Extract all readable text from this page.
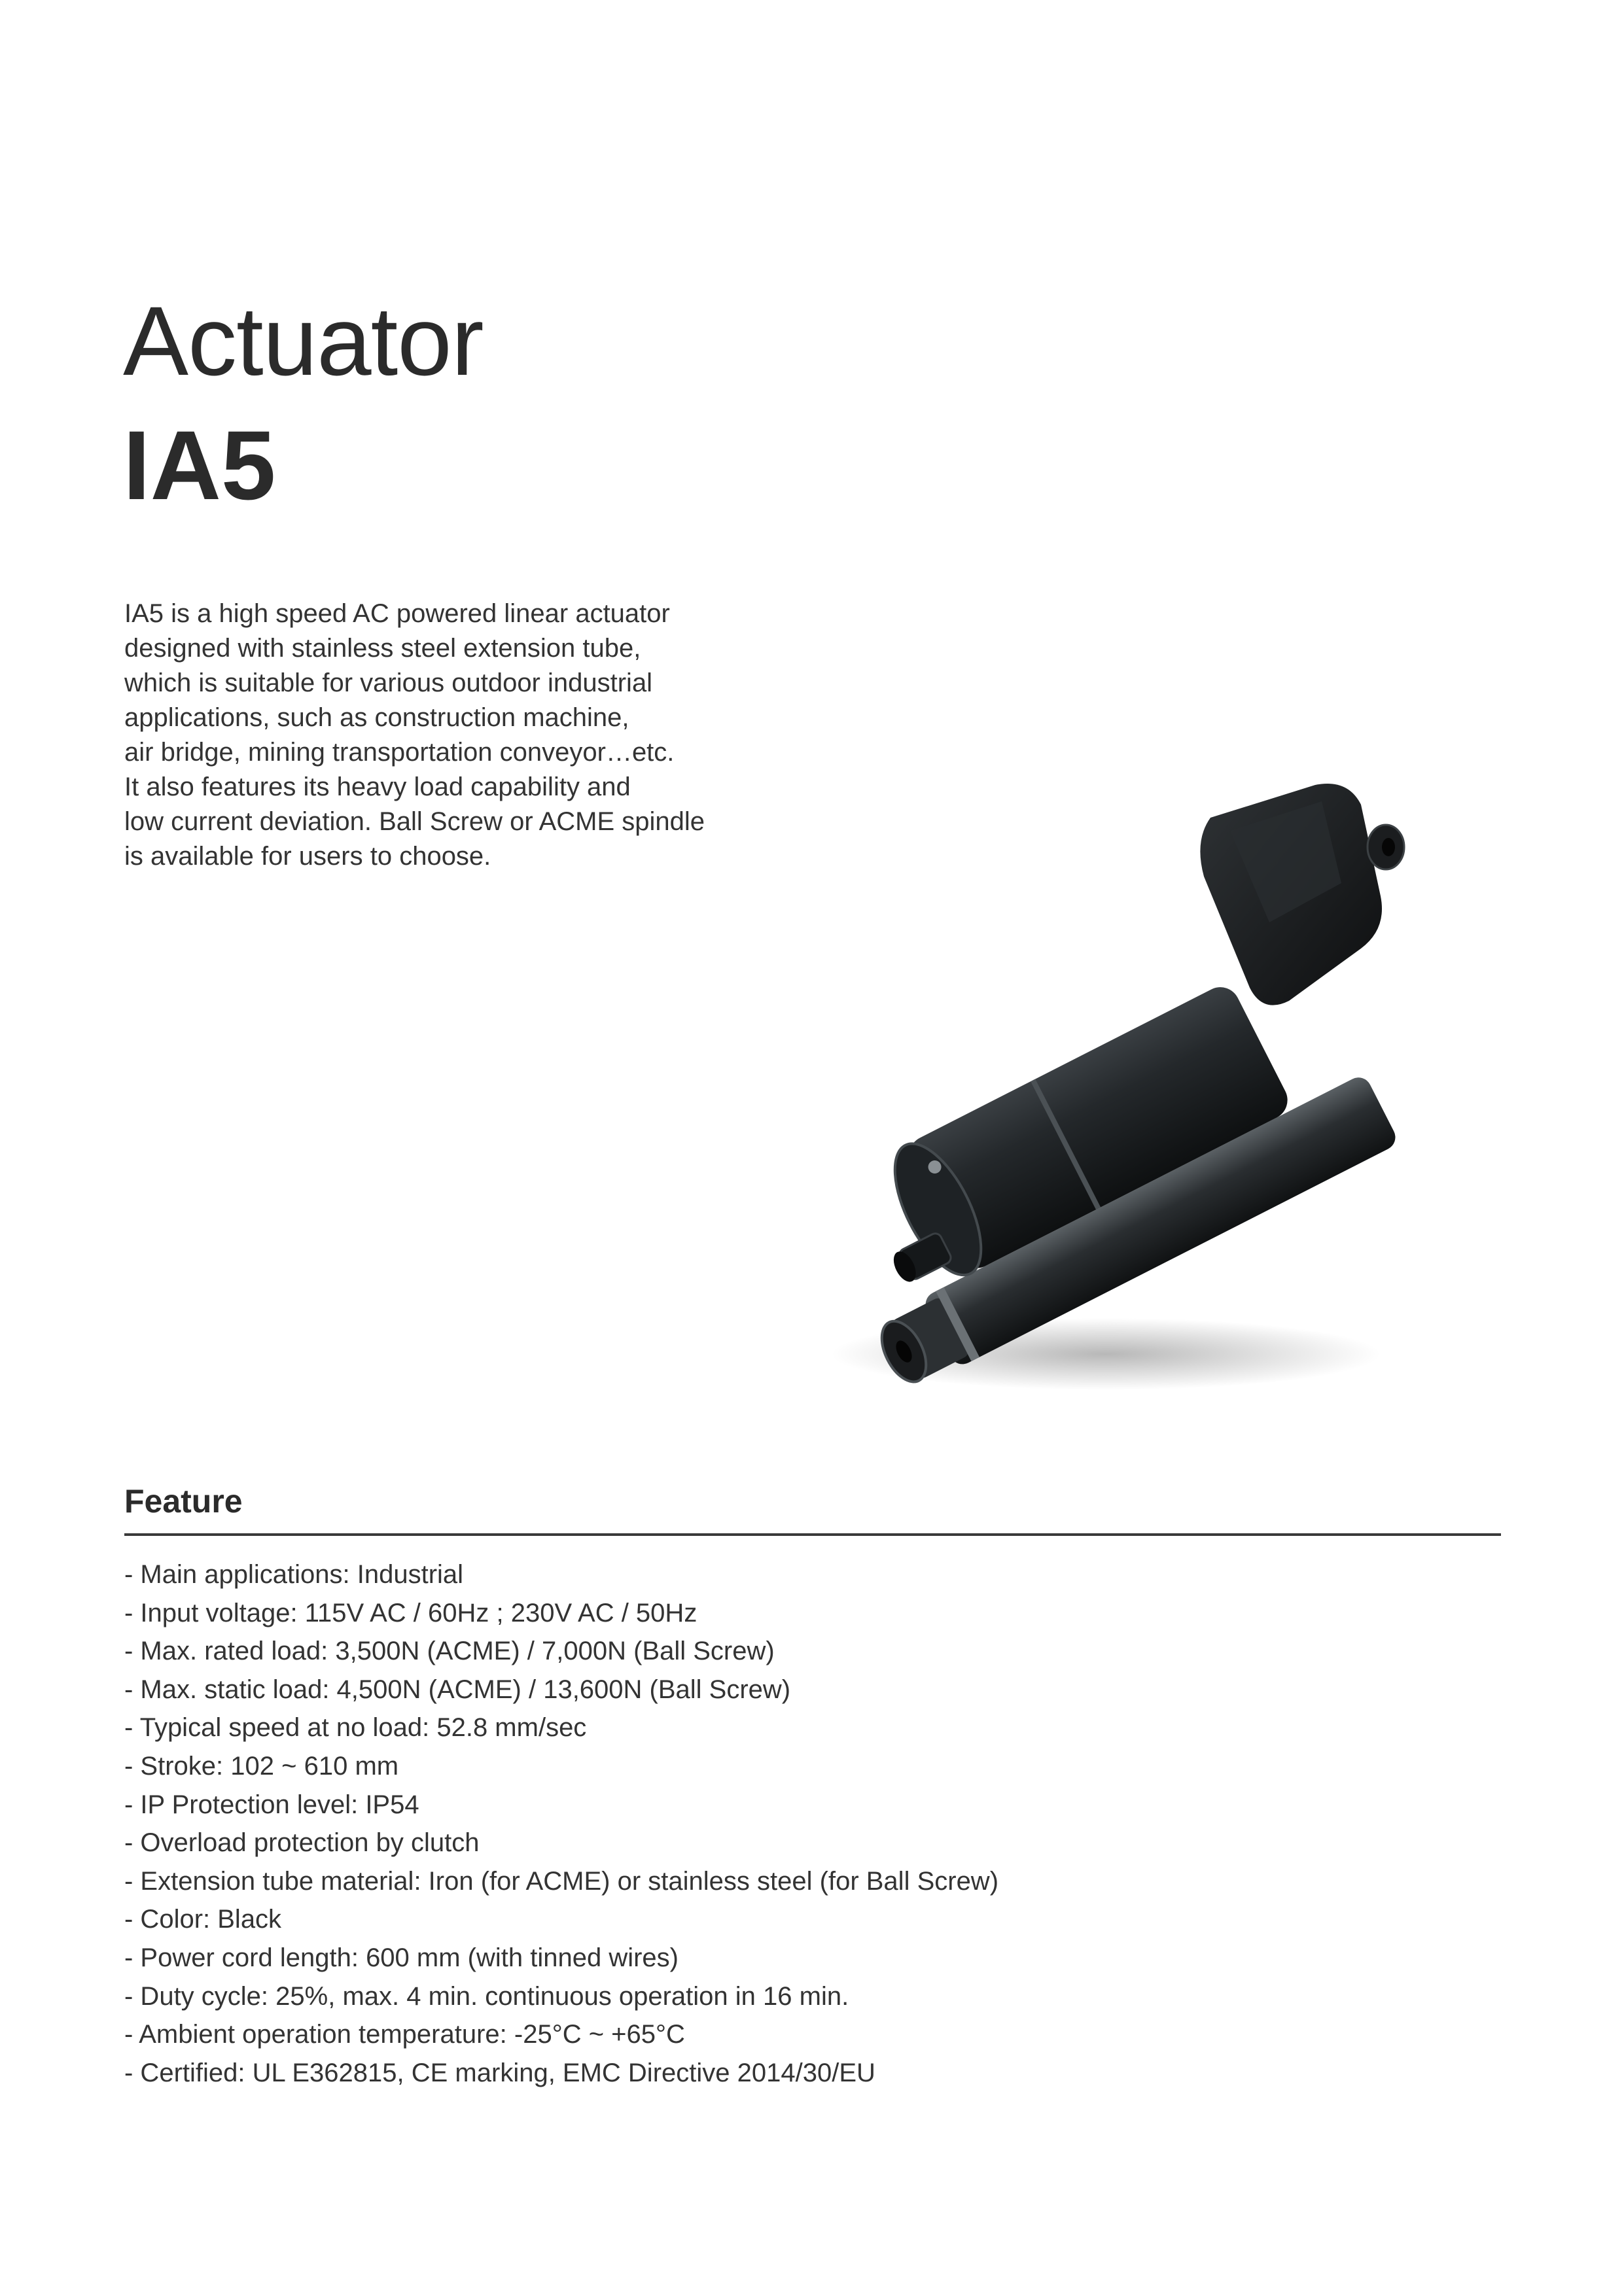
Actuator
IA5

IA5 is a high speed AC powered linear actuator
designed with stainless steel extension tube,
which is suitable for various outdoor industrial
applications, such as construction machine,
air bridge, mining transportation conveyor…etc.
It also features its heavy load capability and
low current deviation. Ball Screw or ACME spindle
is available for users to choose.

Feature
- Main applications: Industrial
- Input voltage: 115V AC / 60Hz ; 230V AC / 50Hz
- Max. rated load: 3,500N (ACME) / 7,000N (Ball Screw)
- Max. static load: 4,500N (ACME) / 13,600N (Ball Screw)
- Typical speed at no load: 52.8 mm/sec
- Stroke: 102 ~ 610 mm
- IP Protection level: IP54
- Overload protection by clutch
- Extension tube material: Iron (for ACME) or stainless steel (for Ball Screw)
- Color: Black
- Power cord length: 600 mm (with tinned wires)
- Duty cycle: 25%, max. 4 min. continuous operation in 16 min.
- Ambient operation temperature: -25°C ~ +65°C
- Certified: UL E362815, CE marking, EMC Directive 2014/30/EU
